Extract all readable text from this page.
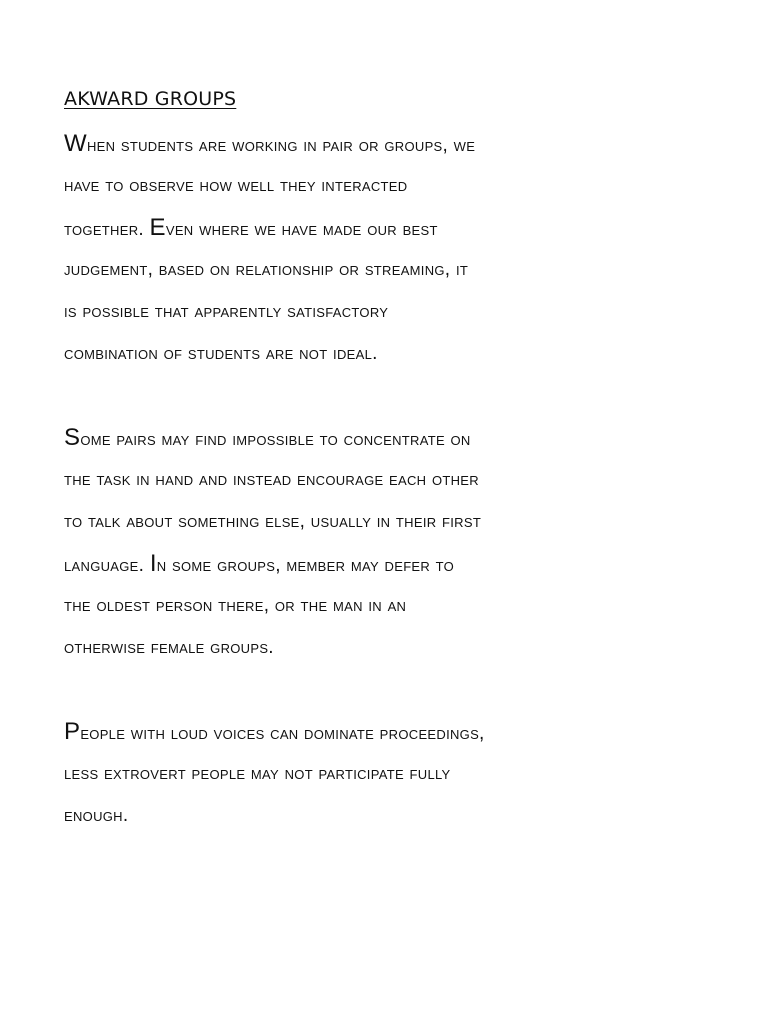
AKWARD GROUPS
When students are working in pair or groups, we
have to observe how well they interacted
together. Even where we have made our best
judgement, based on relationship or streaming, it
is possible that apparently satisfactory
combination of students are not ideal.
Some pairs may find impossible to concentrate on
the task in hand and instead encourage each other
to talk about something else, usually in their first
language. In some groups, member may defer to
the oldest person there, or the man in an
otherwise female groups.
People with loud voices can dominate proceedings,
less extrovert people may not participate fully
enough.
